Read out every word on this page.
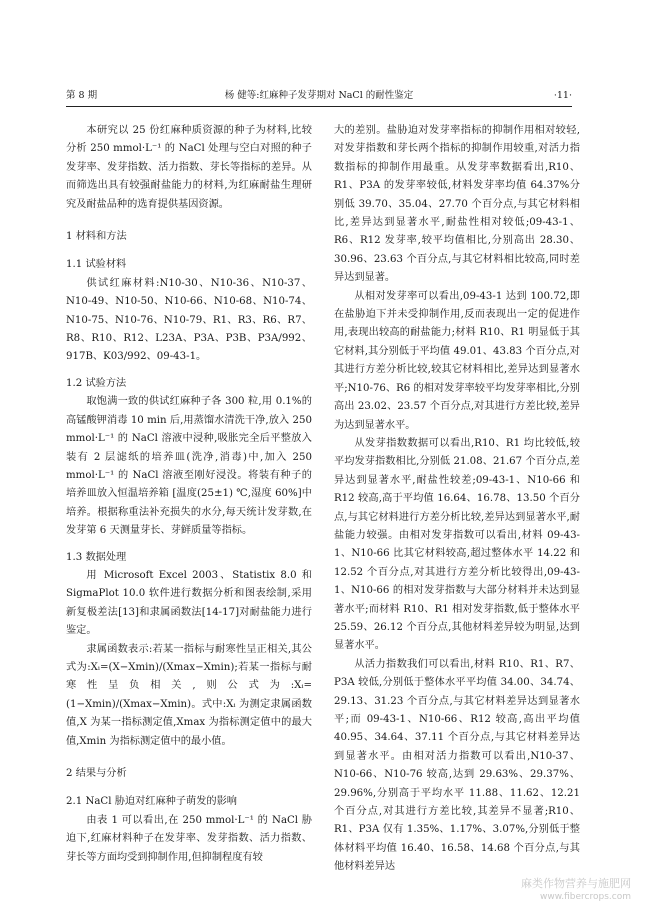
第 8 期	杨 健等:红麻种子发芽期对 NaCl 的耐性鉴定	·11·

本研究以 25 份红麻种质资源的种子为材料,比较分析 250 mmol·L⁻¹ 的 NaCl 处理与空白对照的种子发芽率、发芽指数、活力指数、芽长等指标的差异。从而筛选出具有较强耐盐能力的材料,为红麻耐盐生理研究及耐盐品种的选育提供基因资源。

1 材料和方法

1.1 试验材料

供试红麻材料:N10-30、N10-36、N10-37、N10-49、N10-50、N10-66、N10-68、N10-74、N10-75、N10-76、N10-79、R1、R3、R6、R7、R8、R10、R12、L23A、P3A、P3B、P3A/992、917B、K03/992、09-43-1。

1.2 试验方法

取饱满一致的供试红麻种子各 300 粒,用 0.1%的高锰酸钾消毒 10 min 后,用蒸馏水清洗干净,放入 250 mmol·L⁻¹ 的 NaCl 溶液中浸种,吸胀完全后平整放入装有 2 层滤纸的培养皿(洗净,消毒)中,加入 250 mmol·L⁻¹ 的 NaCl 溶液至刚好浸没。将装有种子的培养皿放入恒温培养箱 [温度(25±1) ℃,湿度 60%]中培养。根据称重法补充损失的水分,每天统计发芽数,在发芽第 6 天测量芽长、芽鲜质量等指标。

1.3 数据处理

用 Microsoft Excel 2003、Statistix 8.0 和 SigmaPlot 10.0 软件进行数据分析和图表绘制,采用新复极差法[13]和隶属函数法[14-17]对耐盐能力进行鉴定。

隶属函数表示:若某一指标与耐寒性呈正相关,其公式为:Xᵢ=(X−Xmin)/(Xmax−Xmin);若某一指标与耐寒性呈负相关,则公式为:Xᵢ=(1−Xmin)/(Xmax−Xmin)。式中:Xᵢ 为测定隶属函数值,X 为某一指标测定值,Xmax 为指标测定值中的最大值,Xmin 为指标测定值中的最小值。

2 结果与分析

2.1 NaCl 胁迫对红麻种子萌发的影响

由表 1 可以看出,在 250 mmol·L⁻¹ 的 NaCl 胁迫下,红麻材料种子在发芽率、发芽指数、活力指数、芽长等方面均受到抑制作用,但抑制程度有较

大的差别。盐胁迫对发芽率指标的抑制作用相对较轻,对发芽指数和芽长两个指标的抑制作用较重,对活力指数指标的抑制作用最重。从发芽率数据看出,R10、R1、P3A 的发芽率较低,材料发芽率均值 64.37%分别低 39.70、35.04、27.70 个百分点,与其它材料相比,差异达到显著水平,耐盐性相对较低;09-43-1、R6、R12 发芽率,较平均值相比,分别高出 28.30、30.96、23.63 个百分点,与其它材料相比较高,同时差异达到显著。

从相对发芽率可以看出,09-43-1 达到 100.72,即在盐胁迫下并未受抑制作用,反而表现出一定的促进作用,表现出较高的耐盐能力;材料 R10、R1 明显低于其它材料,其分别低于平均值 49.01、43.83 个百分点,对其进行方差分析比较,较其它材料相比,差异达到显著水平;N10-76、R6 的相对发芽率较平均发芽率相比,分别高出 23.02、23.57 个百分点,对其进行方差比较,差异为达到显著水平。

从发芽指数数据可以看出,R10、R1 均比较低,较平均发芽指数相比,分别低 21.08、21.67 个百分点,差异达到显著水平,耐盐性较差;09-43-1、N10-66 和 R12 较高,高于平均值 16.64、16.78、13.50 个百分点,与其它材料进行方差分析比较,差异达到显著水平,耐盐能力较强。由相对发芽指数可以看出,材料 09-43-1、N10-66 比其它材料较高,超过整体水平 14.22 和 12.52 个百分点,对其进行方差分析比较得出,09-43-1、N10-66 的相对发芽指数与大部分材料并未达到显著水平;而材料 R10、R1 相对发芽指数,低于整体水平 25.59、26.12 个百分点,其他材料差异较为明显,达到显著水平。

从活力指数我们可以看出,材料 R10、R1、R7、P3A 较低,分别低于整体水平平均值 34.00、34.74、29.13、31.23 个百分点,与其它材料差异达到显著水平;而 09-43-1、N10-66、R12 较高,高出平均值 40.95、34.64、37.11 个百分点,与其它材料差异达到显著水平。由相对活力指数可以看出,N10-37、N10-66、N10-76 较高,达到 29.63%、29.37%、29.96%,分别高于平均水平 11.88、11.62、12.21 个百分点,对其进行方差比较,其差异不显著;R10、R1、P3A 仅有 1.35%、1.17%、3.07%,分别低于整体材料平均值 16.40、16.58、14.68 个百分点,与其他材料差异达

麻类作物营养与施肥网
www.fibercrops.com
